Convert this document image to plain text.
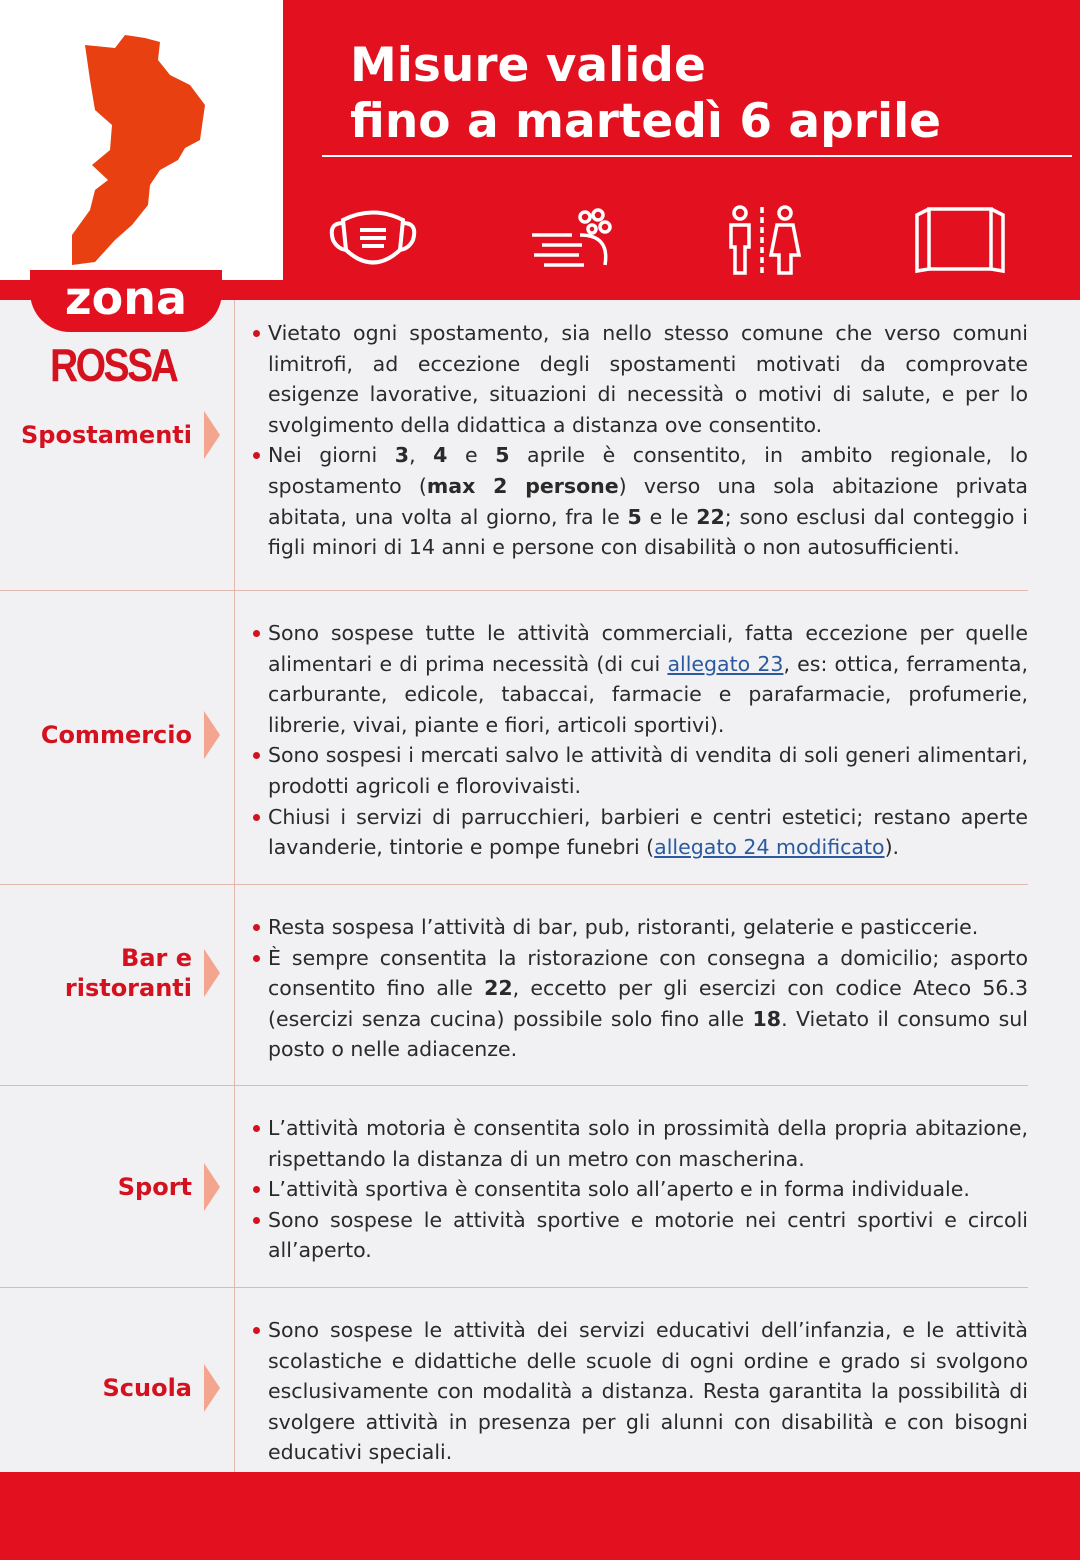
Misure valide
fino a martedì 6 aprile
zona
ROSSA
Spostamenti
Vietato ogni spostamento, sia nello stesso comune che verso comuni limitrofi, ad eccezione degli spostamenti motivati da comprovate esigenze lavorative, situazioni di necessità o motivi di salute, e per lo svolgimento della didattica a distanza ove consentito.
Nei giorni 3, 4 e 5 aprile è consentito, in ambito regionale, lo spostamento (max 2 persone) verso una sola abitazione privata abitata, una volta al giorno, fra le 5 e le 22; sono esclusi dal conteggio i figli minori di 14 anni e persone con disabilità o non autosufficienti.
Commercio
Sono sospese tutte le attività commerciali, fatta eccezione per quelle alimentari e di prima necessità (di cui allegato 23, es: ottica, ferramenta, carburante, edicole, tabaccai, farmacie e parafarmacie, profumerie, librerie, vivai, piante e fiori, articoli sportivi).
Sono sospesi i mercati salvo le attività di vendita di soli generi alimentari, prodotti agricoli e florovivaisti.
Chiusi i servizi di parrucchieri, barbieri e centri estetici; restano aperte lavanderie, tintorie e pompe funebri (allegato 24 modificato).
Bar e ristoranti
Resta sospesa l’attività di bar, pub, ristoranti, gelaterie e pasticcerie.
È sempre consentita la ristorazione con consegna a domicilio; asporto consentito fino alle 22, eccetto per gli esercizi con codice Ateco 56.3 (esercizi senza cucina) possibile solo fino alle 18. Vietato il consumo sul posto o nelle adiacenze.
Sport
L’attività motoria è consentita solo in prossimità della propria abitazione, rispettando la distanza di un metro con mascherina.
L’attività sportiva è consentita solo all’aperto e in forma individuale.
Sono sospese le attività sportive e motorie nei centri sportivi e circoli all’aperto.
Scuola
Sono sospese le attività dei servizi educativi dell’infanzia, e le attività scolastiche e didattiche delle scuole di ogni ordine e grado si svolgono esclusivamente con modalità a distanza. Resta garantita la possibilità di svolgere attività in presenza per gli alunni con disabilità e con bisogni educativi speciali.
